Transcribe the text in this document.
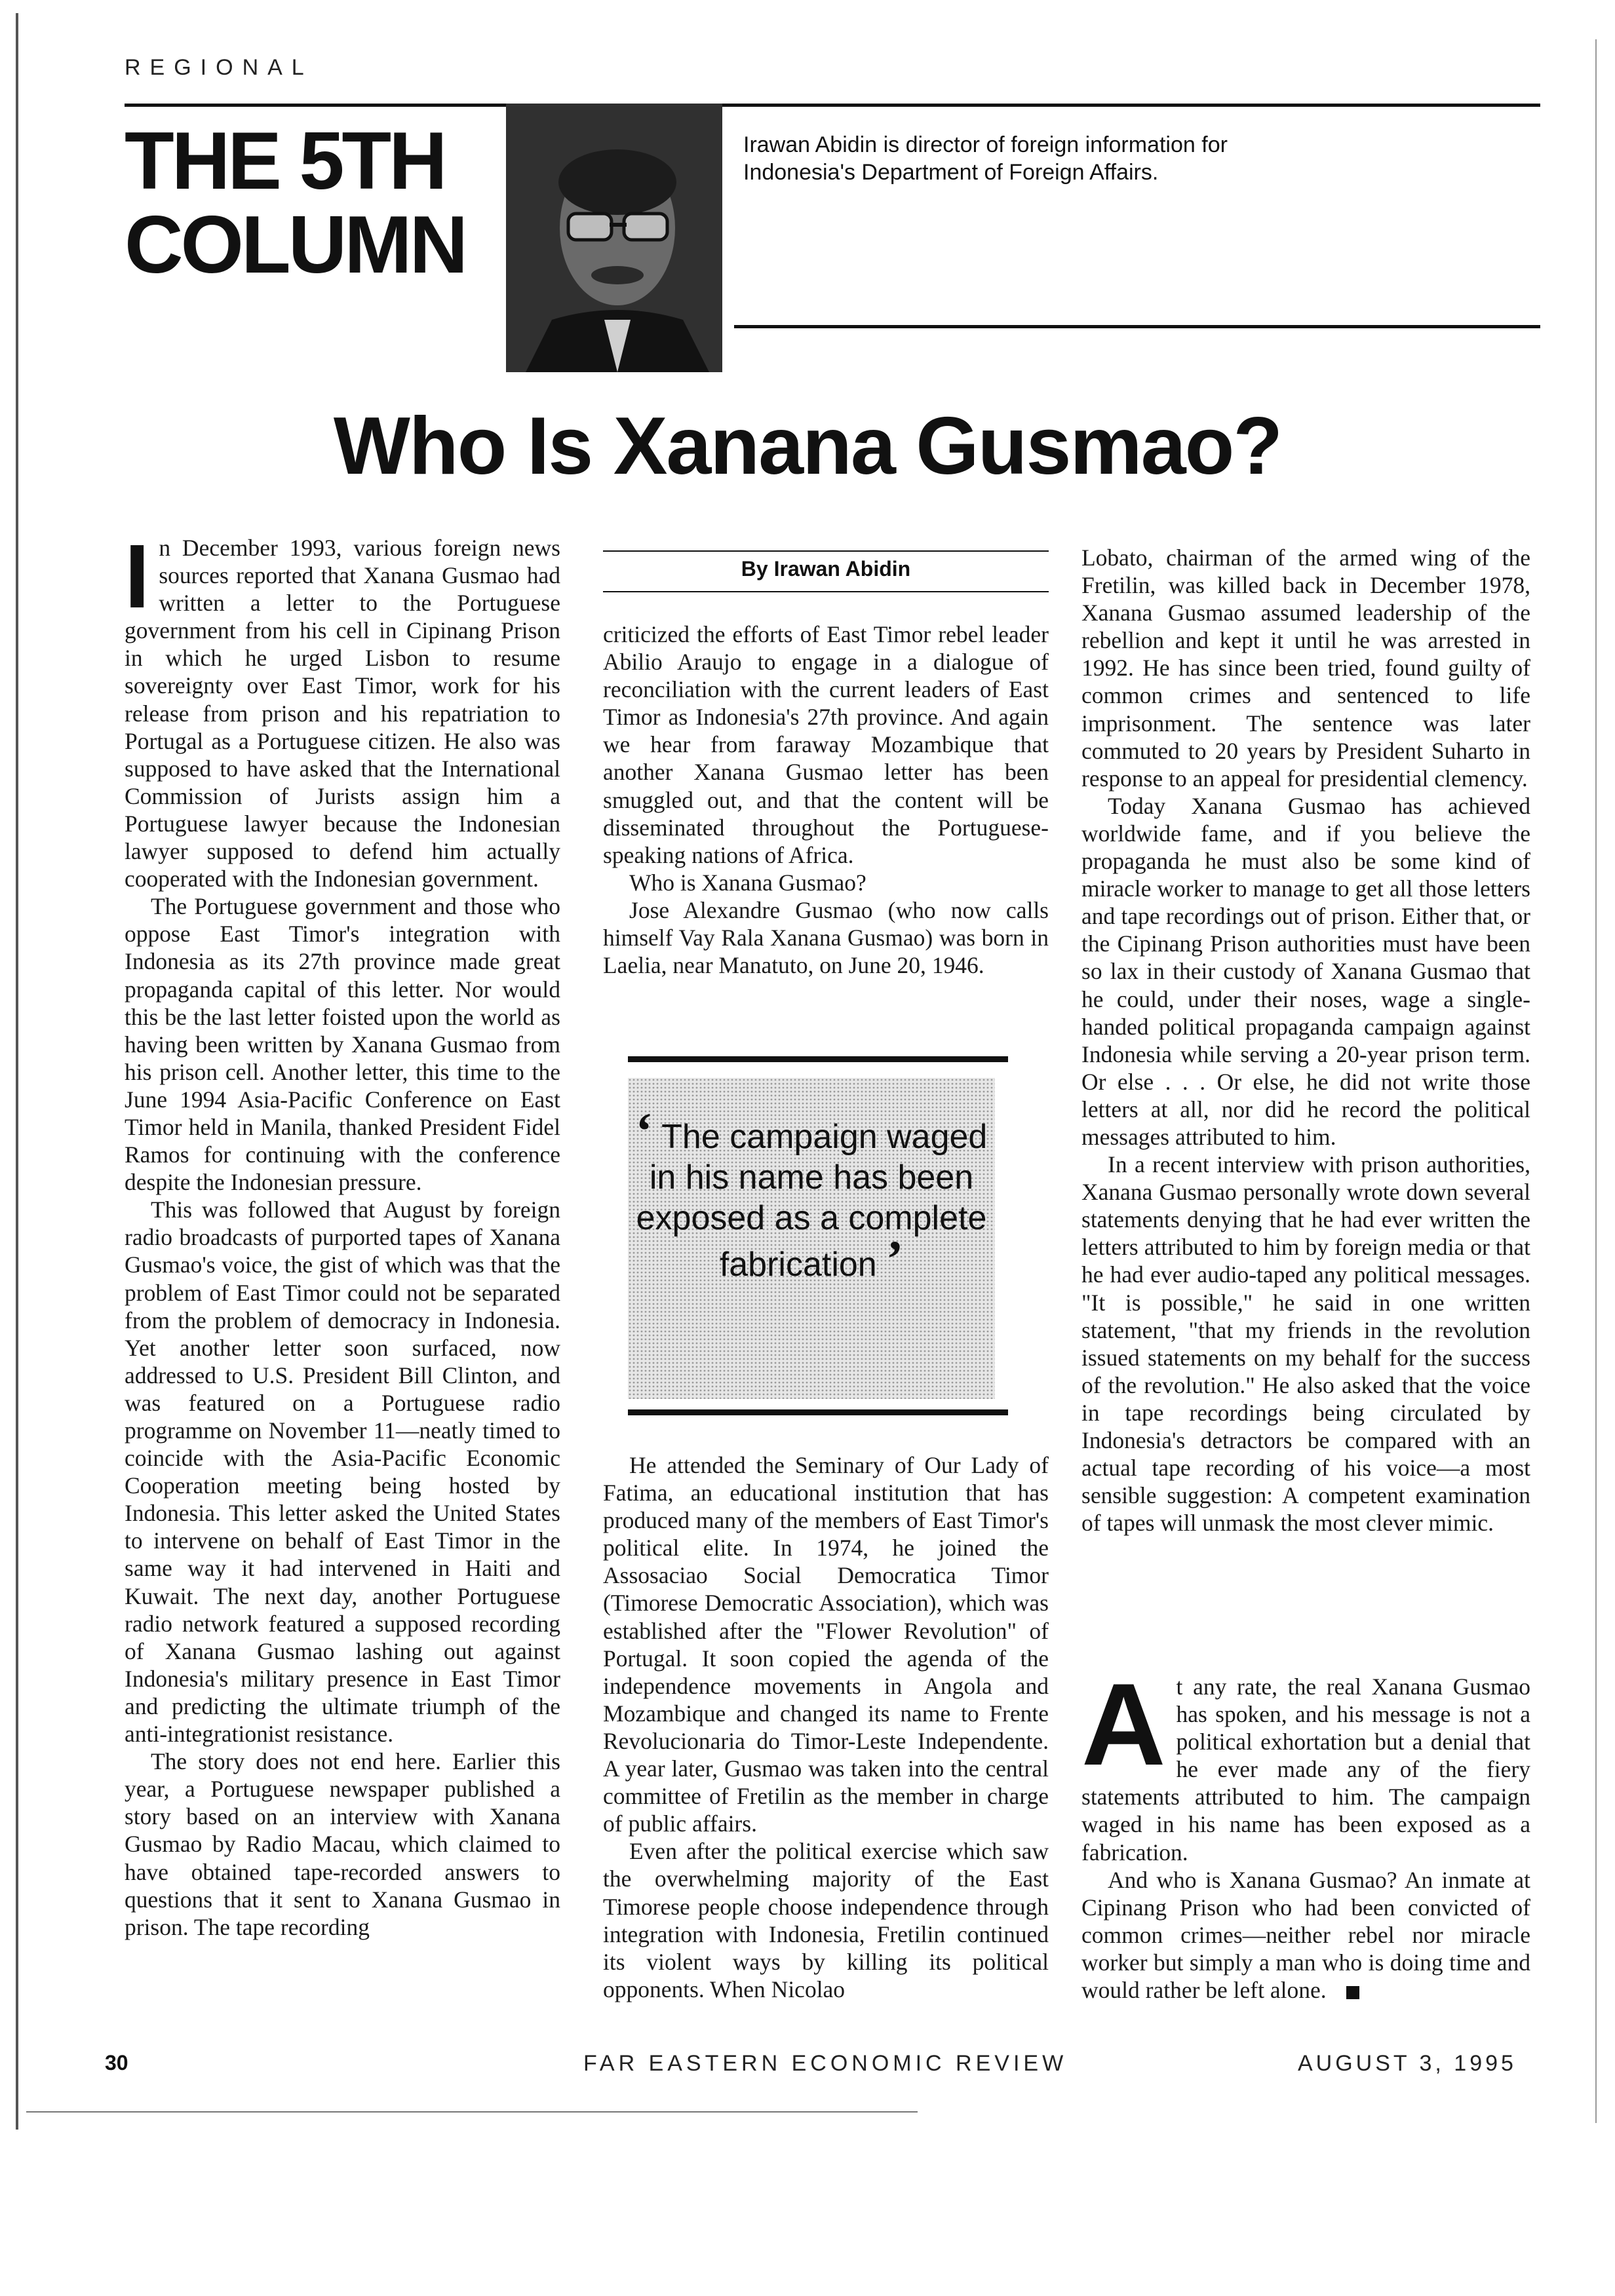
REGIONAL
THE 5TH COLUMN
Irawan Abidin is director of foreign information for Indonesia's Department of Foreign Affairs.
Who Is Xanana Gusmao?

In December 1993, various foreign news sources reported that Xanana Gusmao had written a letter to the Portuguese government from his cell in Cipinang Prison in which he urged Lisbon to resume sovereignty over East Timor, work for his release from prison and his repatriation to Portugal as a Portuguese citizen. He also was supposed to have asked that the International Commission of Jurists assign him a Portuguese lawyer because the Indonesian lawyer supposed to defend him actually cooperated with the Indonesian government.

The Portuguese government and those who oppose East Timor's integration with Indonesia as its 27th province made great propaganda capital of this letter. Nor would this be the last letter foisted upon the world as having been written by Xanana Gusmao from his prison cell. Another letter, this time to the June 1994 Asia-Pacific Conference on East Timor held in Manila, thanked President Fidel Ramos for continuing with the conference despite the Indonesian pressure.

This was followed that August by foreign radio broadcasts of purported tapes of Xanana Gusmao's voice, the gist of which was that the problem of East Timor could not be separated from the problem of democracy in Indonesia. Yet another letter soon surfaced, now addressed to U.S. President Bill Clinton, and was featured on a Portuguese radio programme on November 11—neatly timed to coincide with the Asia-Pacific Economic Cooperation meeting being hosted by Indonesia. This letter asked the United States to intervene on behalf of East Timor in the same way it had intervened in Haiti and Kuwait. The next day, another Portuguese radio network featured a supposed recording of Xanana Gusmao lashing out against Indonesia's military presence in East Timor and predicting the ultimate triumph of the anti-integrationist resistance.

The story does not end here. Earlier this year, a Portuguese newspaper published a story based on an interview with Xanana Gusmao by Radio Macau, which claimed to have obtained tape-recorded answers to questions that it sent to Xanana Gusmao in prison. The tape recording

By Irawan Abidin

criticized the efforts of East Timor rebel leader Abilio Araujo to engage in a dialogue of reconciliation with the current leaders of East Timor as Indonesia's 27th province. And again we hear from faraway Mozambique that another Xanana Gusmao letter has been smuggled out, and that the content will be disseminated throughout the Portuguese-speaking nations of Africa.

Who is Xanana Gusmao?

Jose Alexandre Gusmao (who now calls himself Vay Rala Xanana Gusmao) was born in Laelia, near Manatuto, on June 20, 1946.

‘ The campaign waged in his name has been exposed as a complete fabrication ’

He attended the Seminary of Our Lady of Fatima, an educational institution that has produced many of the members of East Timor's political elite. In 1974, he joined the Assosaciao Social Democratica Timor (Timorese Democratic Association), which was established after the "Flower Revolution" of Portugal. It soon copied the agenda of the independence movements in Angola and Mozambique and changed its name to Frente Revolucionaria do Timor-Leste Independente. A year later, Gusmao was taken into the central committee of Fretilin as the member in charge of public affairs.

Even after the political exercise which saw the overwhelming majority of the East Timorese people choose independence through integration with Indonesia, Fretilin continued its violent ways by killing its political opponents. When Nicolao

Lobato, chairman of the armed wing of the Fretilin, was killed back in December 1978, Xanana Gusmao assumed leadership of the rebellion and kept it until he was arrested in 1992. He has since been tried, found guilty of common crimes and sentenced to life imprisonment. The sentence was later commuted to 20 years by President Suharto in response to an appeal for presidential clemency.

Today Xanana Gusmao has achieved worldwide fame, and if you believe the propaganda he must also be some kind of miracle worker to manage to get all those letters and tape recordings out of prison. Either that, or the Cipinang Prison authorities must have been so lax in their custody of Xanana Gusmao that he could, under their noses, wage a single-handed political propaganda campaign against Indonesia while serving a 20-year prison term. Or else . . . Or else, he did not write those letters at all, nor did he record the political messages attributed to him.

In a recent interview with prison authorities, Xanana Gusmao personally wrote down several statements denying that he had ever written the letters attributed to him by foreign media or that he had ever audio-taped any political messages. "It is possible," he said in one written statement, "that my friends in the revolution issued statements on my behalf for the success of the revolution." He also asked that the voice in tape recordings being circulated by Indonesia's detractors be compared with an actual tape recording of his voice—a most sensible suggestion: A competent examination of tapes will unmask the most clever mimic.

At any rate, the real Xanana Gusmao has spoken, and his message is not a political exhortation but a denial that he ever made any of the fiery statements attributed to him. The campaign waged in his name has been exposed as a fabrication.

And who is Xanana Gusmao? An inmate at Cipinang Prison who had been convicted of common crimes—neither rebel nor miracle worker but simply a man who is doing time and would rather be left alone.

30	FAR EASTERN ECONOMIC REVIEW	AUGUST 3, 1995
